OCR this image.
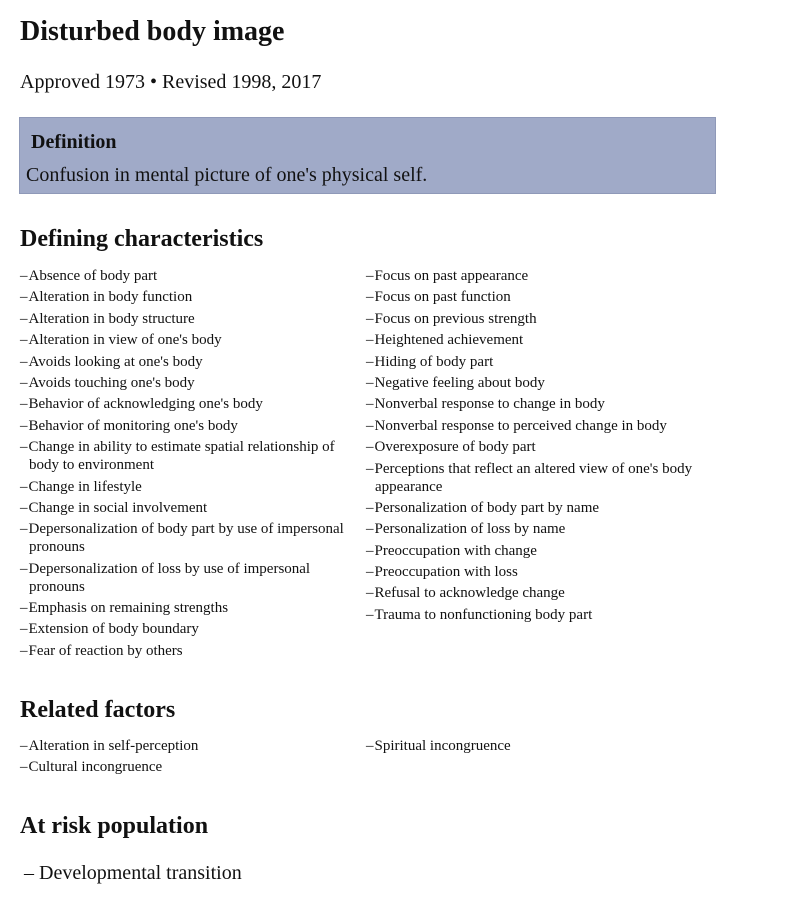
Disturbed body image
Approved 1973 • Revised 1998, 2017
Definition
Confusion in mental picture of one's physical self.
Defining characteristics
– Absence of body part
– Alteration in body function
– Alteration in body structure
– Alteration in view of one's body
– Avoids looking at one's body
– Avoids touching one's body
– Behavior of acknowledging one's body
– Behavior of monitoring one's body
– Change in ability to estimate spatial relationship of body to environment
– Change in lifestyle
– Change in social involvement
– Depersonalization of body part by use of impersonal pronouns
– Depersonalization of loss by use of impersonal pronouns
– Emphasis on remaining strengths
– Extension of body boundary
– Fear of reaction by others
– Focus on past appearance
– Focus on past function
– Focus on previous strength
– Heightened achievement
– Hiding of body part
– Negative feeling about body
– Nonverbal response to change in body
– Nonverbal response to perceived change in body
– Overexposure of body part
– Perceptions that reflect an altered view of one's body appearance
– Personalization of body part by name
– Personalization of loss by name
– Preoccupation with change
– Preoccupation with loss
– Refusal to acknowledge change
– Trauma to nonfunctioning body part
Related factors
– Alteration in self-perception
– Cultural incongruence
– Spiritual incongruence
At risk population
– Developmental transition
